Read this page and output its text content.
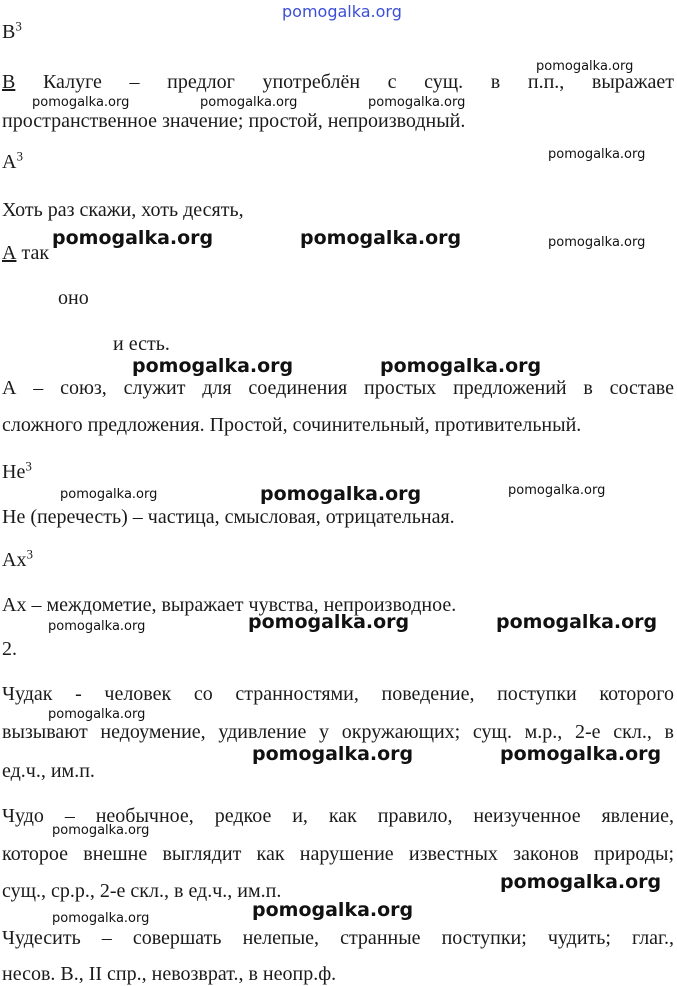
pomogalka.org
$В^3$
В Калуге – предлог употреблён с сущ. в п.п., выражает
пространственное значение; простой, непроизводный.
$А^3$
Хоть раз скажи, хоть десять,
А так
оно
и есть.
А – союз, служит для соединения простых предложений в составе
сложного предложения. Простой, сочинительный, противительный.
$Не^3$
Не (перечесть) – частица, смысловая, отрицательная.
$Ах^3$
Ах – междометие, выражает чувства, непроизводное.
2.
Чудак - человек со странностями, поведение, поступки которого
вызывают недоумение, удивление у окружающих; сущ. м.р., 2-е скл., в
ед.ч., им.п.
Чудо – необычное, редкое и, как правило, неизученное явление,
которое внешне выглядит как нарушение известных законов природы;
сущ., ср.р., 2-е скл., в ед.ч., им.п.
Чудесить – совершать нелепые, странные поступки; чудить; глаг.,
несов. В., II спр., невозврат., в неопр.ф.
pomogalka.org
pomogalka.org	pomogalka.org	pomogalka.org
pomogalka.org
pomogalka.org
pomogalka.org	pomogalka.org
pomogalka.org
pomogalka.org
pomogalka.org
pomogalka.org
pomogalka.org	pomogalka.org
pomogalka.org	pomogalka.org
pomogalka.org
pomogalka.org	pomogalka.org
pomogalka.org	pomogalka.org
pomogalka.org
pomogalka.org
